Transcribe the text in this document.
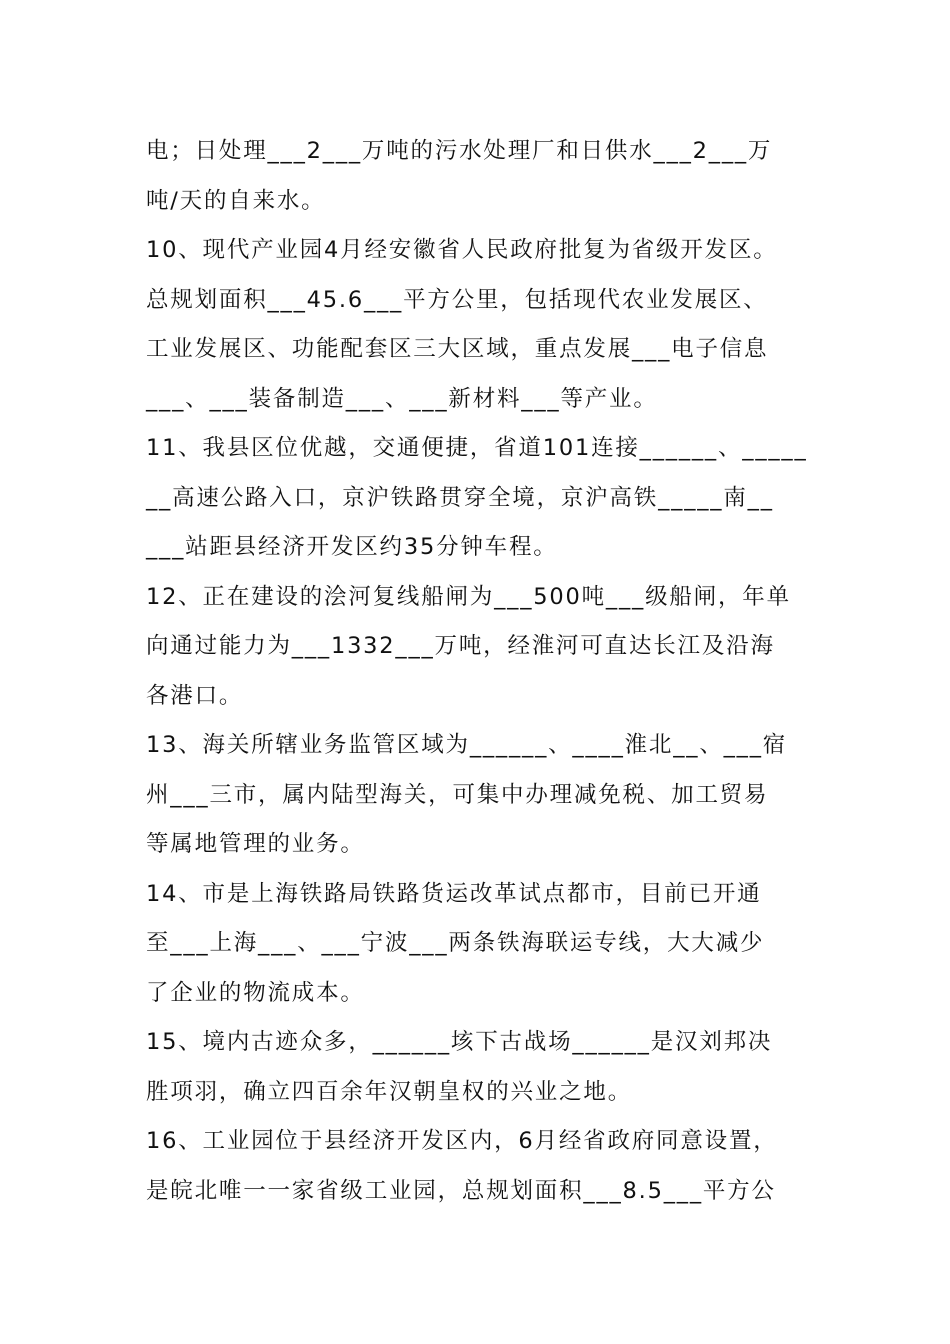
电；日处理___2___万吨的污水处理厂和日供水___2___万
吨/天的自来水。
10、现代产业园4月经安徽省人民政府批复为省级开发区。
总规划面积___45.6___平方公里，包括现代农业发展区、
工业发展区、功能配套区三大区域，重点发展___电子信息
___、___装备制造___、___新材料___等产业。
11、我县区位优越，交通便捷，省道101连接______、_____
__高速公路入口，京沪铁路贯穿全境，京沪高铁_____南__
___站距县经济开发区约35分钟车程。
12、正在建设的浍河复线船闸为___500吨___级船闸，年单
向通过能力为___1332___万吨，经淮河可直达长江及沿海
各港口。
13、海关所辖业务监管区域为______、____淮北__、___宿
州___三市，属内陆型海关，可集中办理减免税、加工贸易
等属地管理的业务。
14、市是上海铁路局铁路货运改革试点都市，目前已开通
至___上海___、___宁波___两条铁海联运专线，大大减少
了企业的物流成本。
15、境内古迹众多，______垓下古战场______是汉刘邦决
胜项羽，确立四百余年汉朝皇权的兴业之地。
16、工业园位于县经济开发区内，6月经省政府同意设置，
是皖北唯一一家省级工业园，总规划面积___8.5___平方公
